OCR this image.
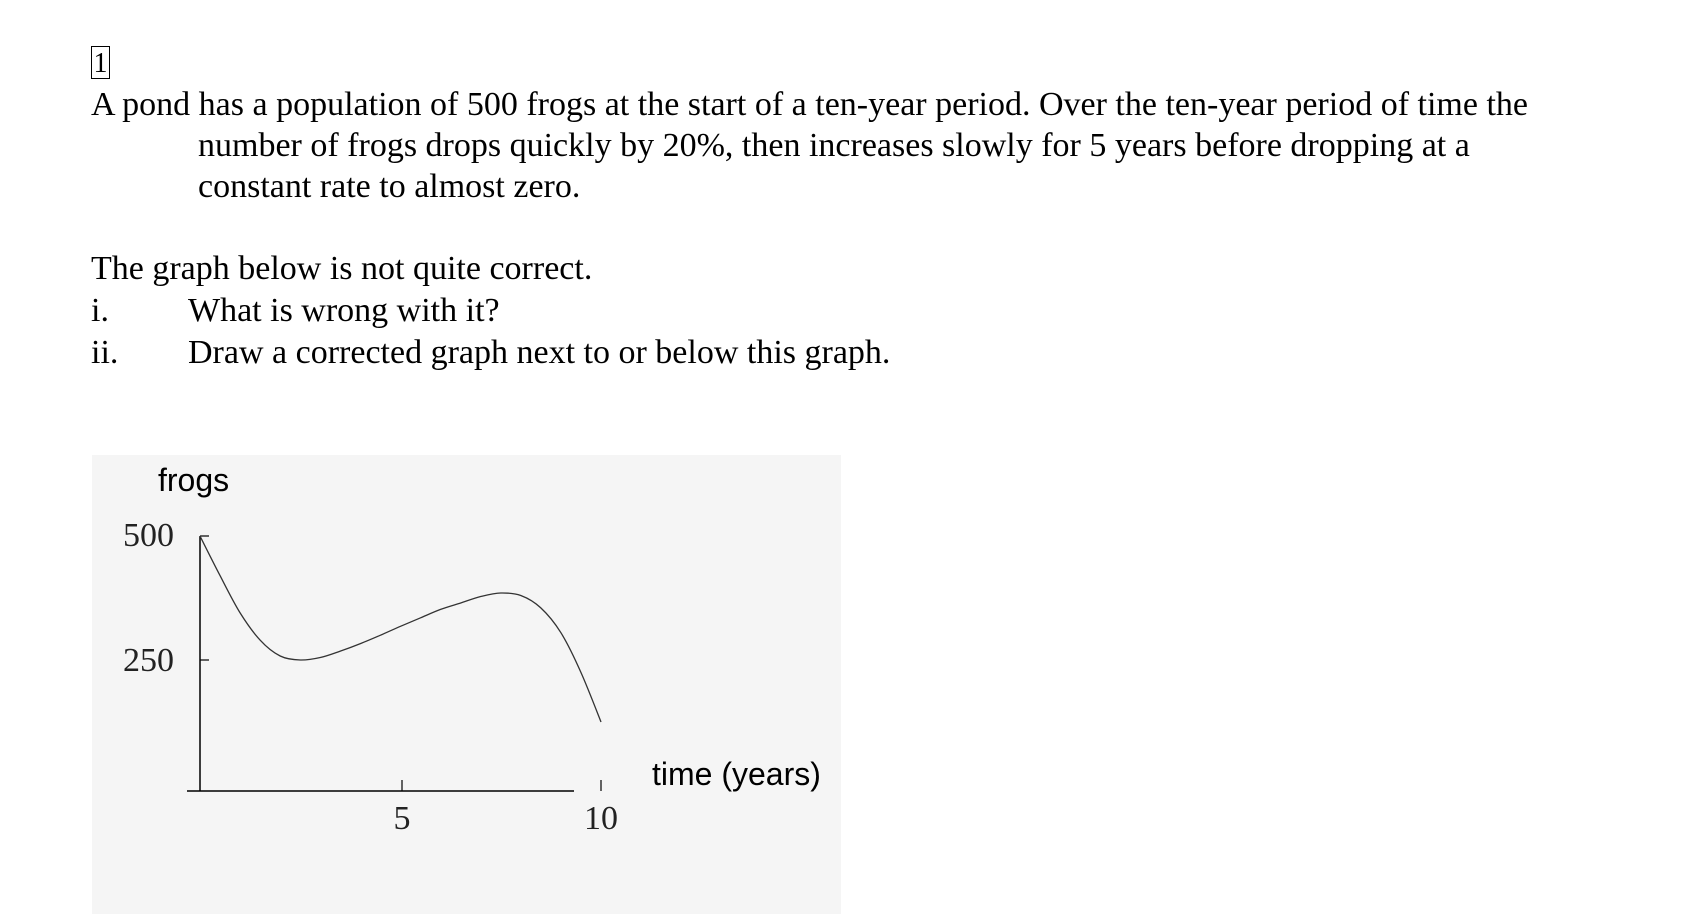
1
A pond has a population of 500 frogs at the start of a ten-year period. Over the ten-year period of time the
number of frogs drops quickly by 20%, then increases slowly for 5 years before dropping at a
constant rate to almost zero.
The graph below is not quite correct.
i. What is wrong with it?
ii. Draw a corrected graph next to or below this graph.
frogs
time (years)
500
250
5	10
